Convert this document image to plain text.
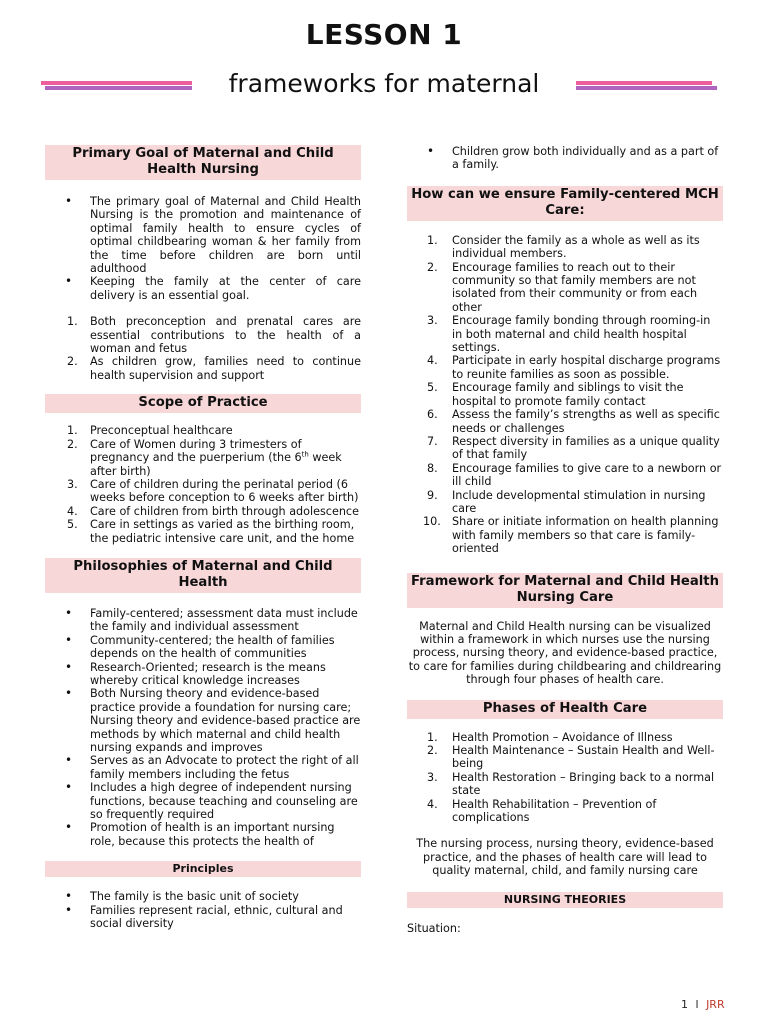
LESSON 1
frameworks for maternal
Primary Goal of Maternal and Child Health Nursing
• The primary goal of Maternal and Child Health Nursing is the promotion and maintenance of optimal family health to ensure cycles of optimal childbearing woman & her family from the time before children are born until adulthood
• Keeping the family at the center of care delivery is an essential goal.
1. Both preconception and prenatal cares are essential contributions to the health of a woman and fetus
2. As children grow, families need to continue health supervision and support
Scope of Practice
1. Preconceptual healthcare
2. Care of Women during 3 trimesters of pregnancy and the puerperium (the 6th week after birth)
3. Care of children during the perinatal period (6 weeks before conception to 6 weeks after birth)
4. Care of children from birth through adolescence
5. Care in settings as varied as the birthing room, the pediatric intensive care unit, and the home
Philosophies of Maternal and Child Health
• Family-centered; assessment data must include the family and individual assessment
• Community-centered; the health of families depends on the health of communities
• Research-Oriented; research is the means whereby critical knowledge increases
• Both Nursing theory and evidence-based practice provide a foundation for nursing care; Nursing theory and evidence-based practice are methods by which maternal and child health nursing expands and improves
• Serves as an Advocate to protect the right of all family members including the fetus
• Includes a high degree of independent nursing functions, because teaching and counseling are so frequently required
• Promotion of health is an important nursing role, because this protects the health of
Principles
• The family is the basic unit of society
• Families represent racial, ethnic, cultural and social diversity
• Children grow both individually and as a part of a family.
How can we ensure Family-centered MCH Care:
1. Consider the family as a whole as well as its individual members.
2. Encourage families to reach out to their community so that family members are not isolated from their community or from each other
3. Encourage family bonding through rooming-in in both maternal and child health hospital settings.
4. Participate in early hospital discharge programs to reunite families as soon as possible.
5. Encourage family and siblings to visit the hospital to promote family contact
6. Assess the family’s strengths as well as specific needs or challenges
7. Respect diversity in families as a unique quality of that family
8. Encourage families to give care to a newborn or ill child
9. Include developmental stimulation in nursing care
10. Share or initiate information on health planning with family members so that care is family-oriented
Framework for Maternal and Child Health Nursing Care
Maternal and Child Health nursing can be visualized within a framework in which nurses use the nursing process, nursing theory, and evidence-based practice, to care for families during childbearing and childrearing through four phases of health care.
Phases of Health Care
1. Health Promotion – Avoidance of Illness
2. Health Maintenance – Sustain Health and Well-being
3. Health Restoration – Bringing back to a normal state
4. Health Rehabilitation – Prevention of complications
The nursing process, nursing theory, evidence-based practice, and the phases of health care will lead to quality maternal, child, and family nursing care
NURSING THEORIES
Situation:
1 l JRR
